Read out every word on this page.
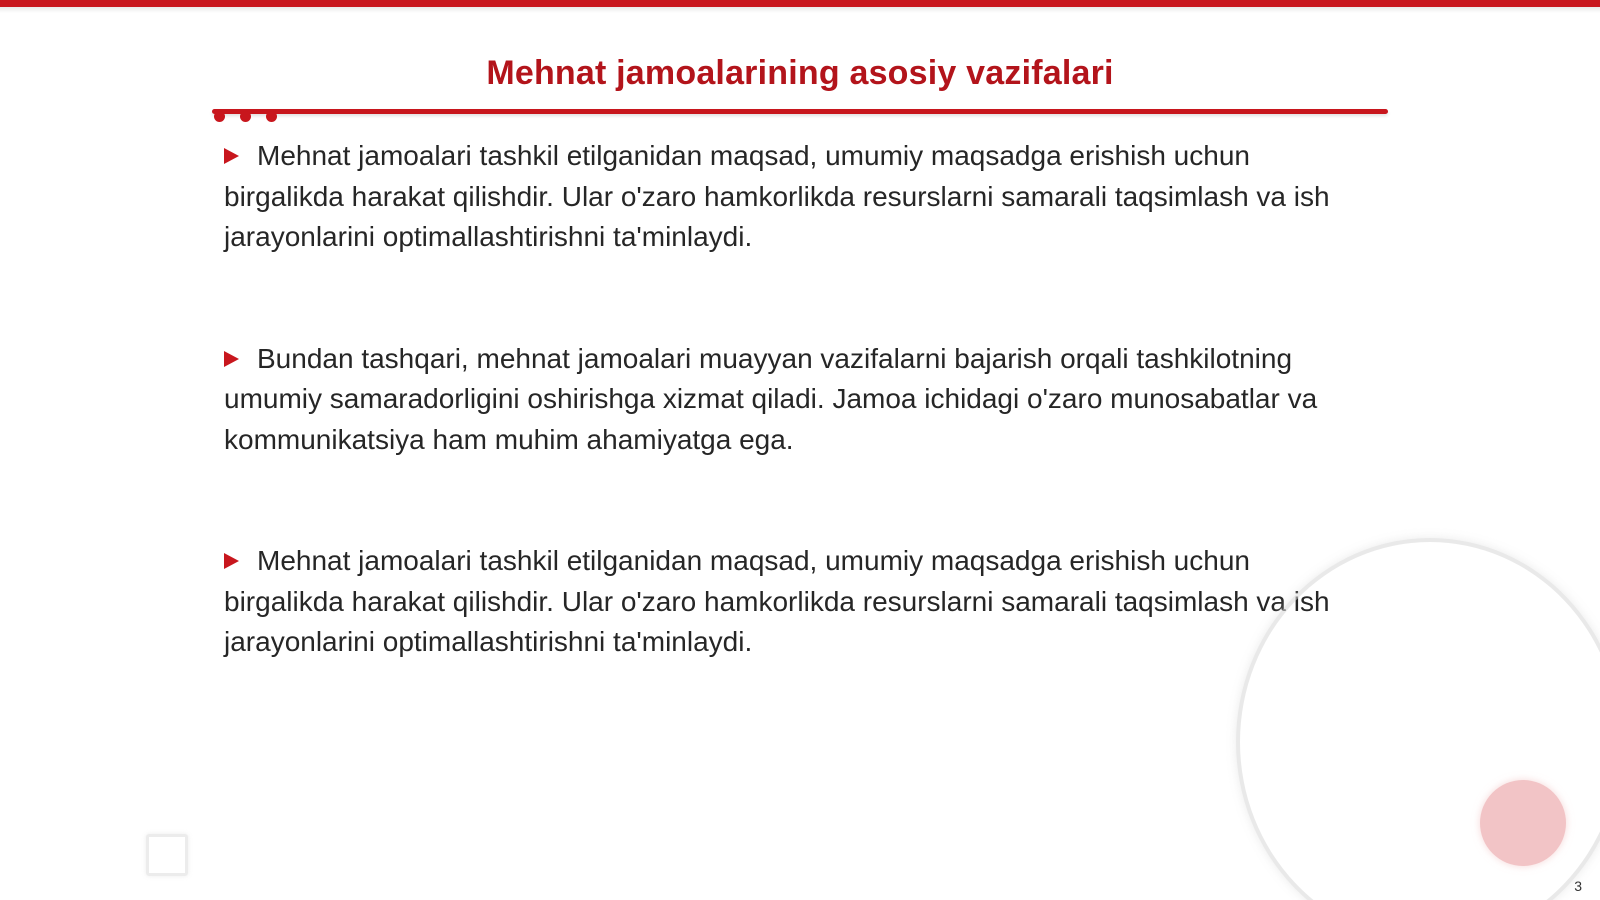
Mehnat jamoalarining asosiy vazifalari

Mehnat jamoalari tashkil etilganidan maqsad, umumiy maqsadga erishish uchun birgalikda harakat qilishdir. Ular o'zaro hamkorlikda resurslarni samarali taqsimlash va ish jarayonlarini optimallashtirishni ta'minlaydi.

Bundan tashqari, mehnat jamoalari muayyan vazifalarni bajarish orqali tashkilotning umumiy samaradorligini oshirishga xizmat qiladi. Jamoa ichidagi o'zaro munosabatlar va kommunikatsiya ham muhim ahamiyatga ega.

Mehnat jamoalari tashkil etilganidan maqsad, umumiy maqsadga erishish uchun birgalikda harakat qilishdir. Ular o'zaro hamkorlikda resurslarni samarali taqsimlash va ish jarayonlarini optimallashtirishni ta'minlaydi.

3
